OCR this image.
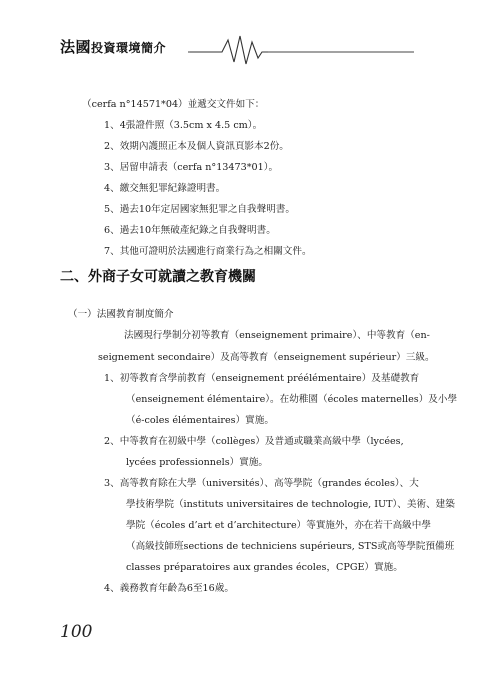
法國投資環境簡介
（cerfa n°14571*04）並遞交文件如下：
1、4張證件照（3.5cm x 4.5 cm）。
2、效期內護照正本及個人資訊頁影本2份。
3、居留申請表（cerfa n°13473*01）。
4、繳交無犯罪紀錄證明書。
5、過去10年定居國家無犯罪之自我聲明書。
6、過去10年無破產紀錄之自我聲明書。
7、其他可證明於法國進行商業行為之相關文件。
二、外商子女可就讀之教育機關
（一）法國教育制度簡介
法國現行學制分初等教育（enseignement primaire）、中等教育（en-
seignement secondaire）及高等教育（enseignement supérieur）三級。
1、初等教育含學前教育（enseignement préélémentaire）及基礎教育
（enseignement élémentaire）。在幼稚園（écoles maternelles）及小學
（é-coles élémentaires）實施。
2、中等教育在初級中學（collèges）及普通或職業高級中學（lycées,
lycées professionnels）實施。
3、高等教育除在大學（universités）、高等學院（grandes écoles）、大
學技術學院（instituts universitaires de technologie, IUT）、美術、建築
學院（écoles d’art et d’architecture）等實施外，亦在若干高級中學
（高級技師班sections de techniciens supérieurs, STS或高等學院預備班
classes préparatoires aux grandes écoles，CPGE）實施。
4、義務教育年齡為6至16歲。
100
